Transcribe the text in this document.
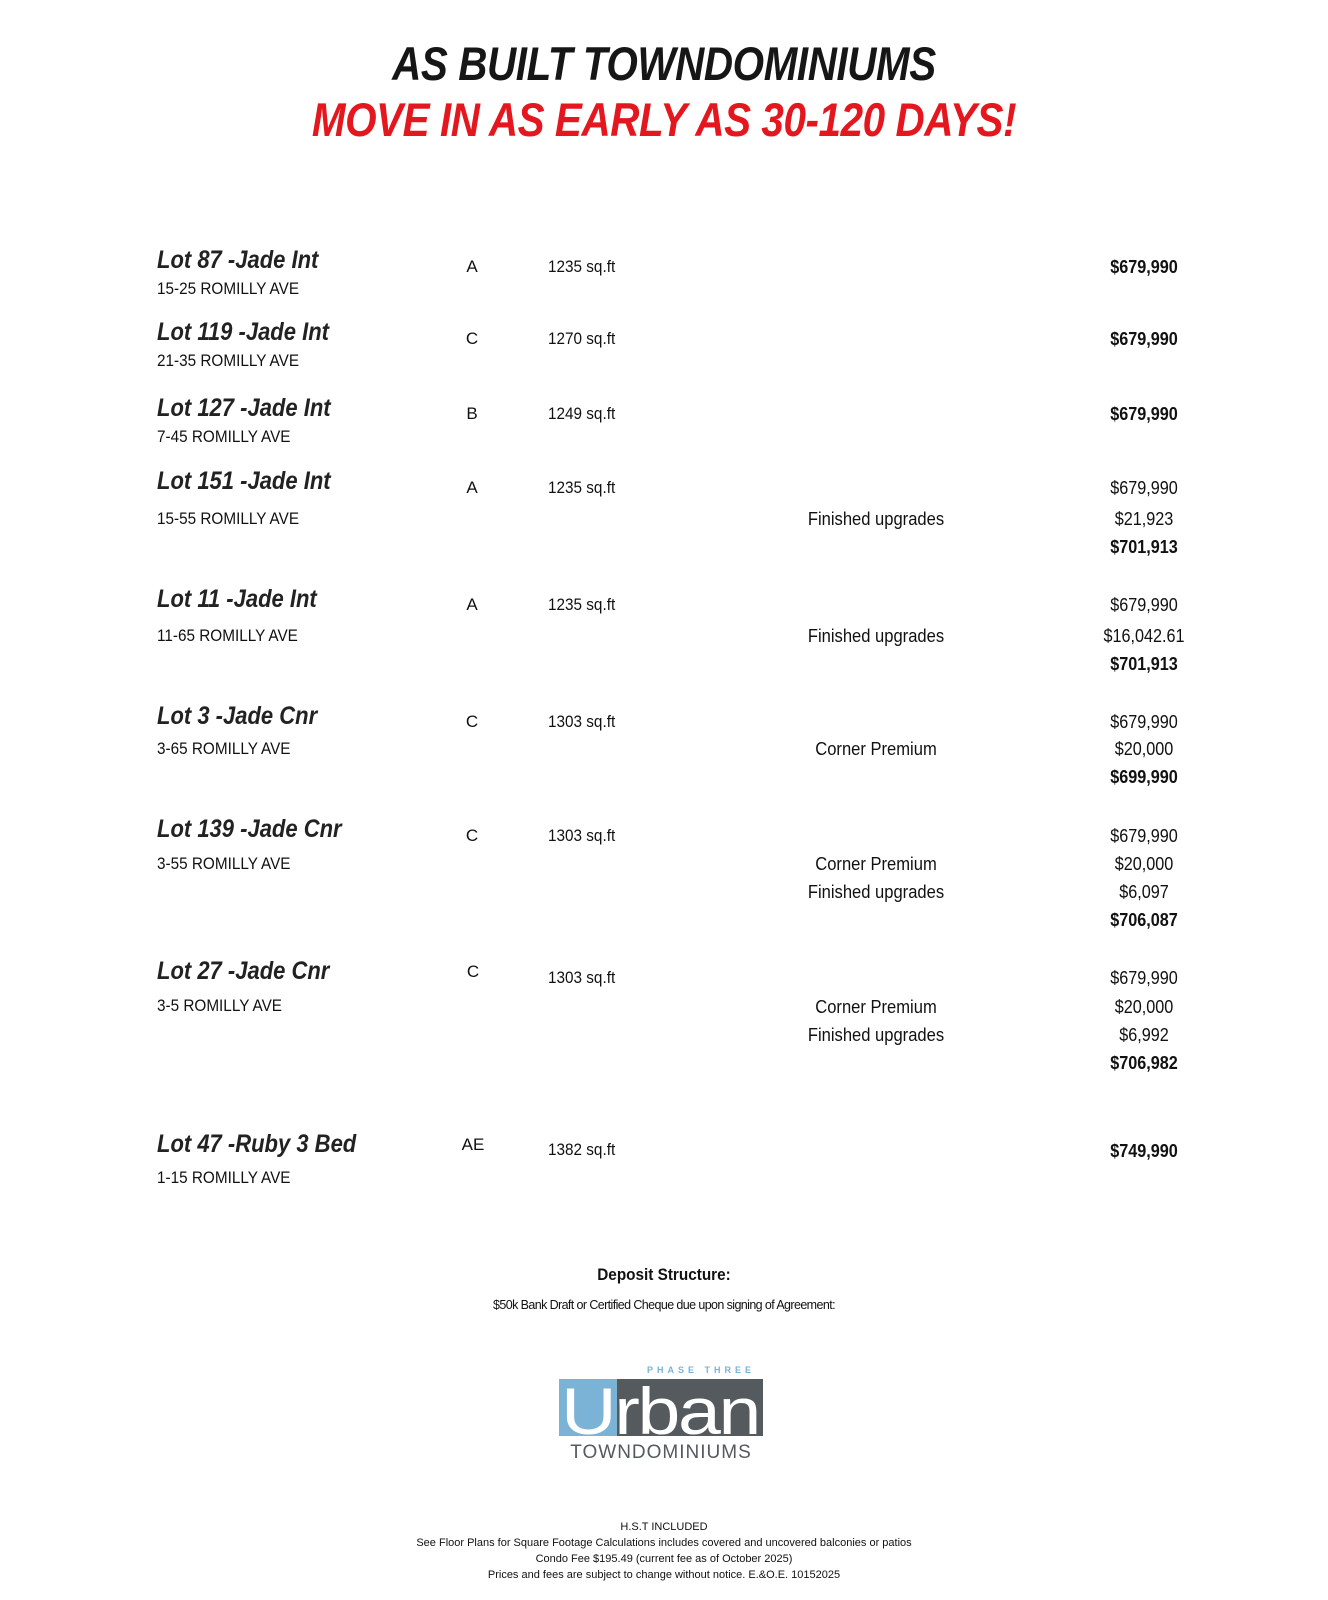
AS BUILT TOWNDOMINIUMS
MOVE IN AS EARLY AS 30-120 DAYS!
Lot 87 -Jade Int
15-25 ROMILLY AVE
A	1235 sq.ft	$679,990
Lot 119 -Jade Int
21-35 ROMILLY AVE
C	1270 sq.ft	$679,990
Lot 127 -Jade Int
7-45 ROMILLY AVE
B	1249 sq.ft	$679,990
Lot 151 -Jade Int
15-55 ROMILLY AVE
A	1235 sq.ft	$679,990
Finished upgrades	$21,923
$701,913
Lot 11 -Jade Int
11-65 ROMILLY AVE
A	1235 sq.ft	$679,990
Finished upgrades	$16,042.61
$701,913
Lot 3 -Jade Cnr
3-65 ROMILLY AVE
C	1303 sq.ft	$679,990
Corner Premium	$20,000
$699,990
Lot 139 -Jade Cnr
3-55 ROMILLY AVE
C	1303 sq.ft	$679,990
Corner Premium	$20,000
Finished upgrades	$6,097
$706,087
Lot 27 -Jade Cnr
3-5 ROMILLY AVE
C	1303 sq.ft	$679,990
Corner Premium	$20,000
Finished upgrades	$6,992
$706,982
Lot 47 -Ruby 3 Bed
1-15 ROMILLY AVE
AE	1382 sq.ft	$749,990
Deposit Structure:
$50k Bank Draft or Certified Cheque due upon signing of Agreement:
PHASE THREE
Urban
TOWNDOMINIUMS
H.S.T INCLUDED
See Floor Plans for Square Footage Calculations includes covered and uncovered balconies or patios
Condo Fee $195.49 (current fee as of October 2025)
Prices and fees are subject to change without notice. E.&O.E. 10152025
